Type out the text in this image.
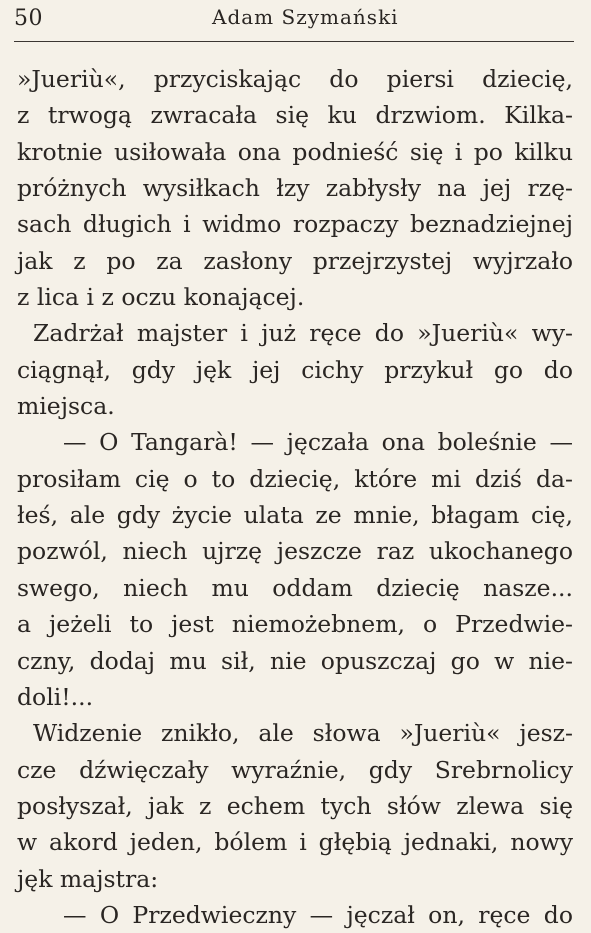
50	Adam Szymański
»Jueriù«, przyciskając do piersi dziecię,
z trwogą zwracała się ku drzwiom. Kilka-
krotnie usiłowała ona podnieść się i po kilku
próżnych wysiłkach łzy zabłysły na jej rzę-
sach długich i widmo rozpaczy beznadziejnej
jak z po za zasłony przejrzystej wyjrzało
z lica i z oczu konającej.
Zadrżał majster i już ręce do »Jueriù« wy-
ciągnął, gdy jęk jej cichy przykuł go do
miejsca.
— O Tangarà! — jęczała ona boleśnie —
prosiłam cię o to dziecię, które mi dziś da-
łeś, ale gdy życie ulata ze mnie, błagam cię,
pozwól, niech ujrzę jeszcze raz ukochanego
swego, niech mu oddam dziecię nasze...
a jeżeli to jest niemożebnem, o Przedwie-
czny, dodaj mu sił, nie opuszczaj go w nie-
doli!...
Widzenie znikło, ale słowa »Jueriù« jesz-
cze dźwięczały wyraźnie, gdy Srebrnolicy
posłyszał, jak z echem tych słów zlewa się
w akord jeden, bólem i głębią jednaki, nowy
jęk majstra:
— O Przedwieczny — jęczał on, ręce do
